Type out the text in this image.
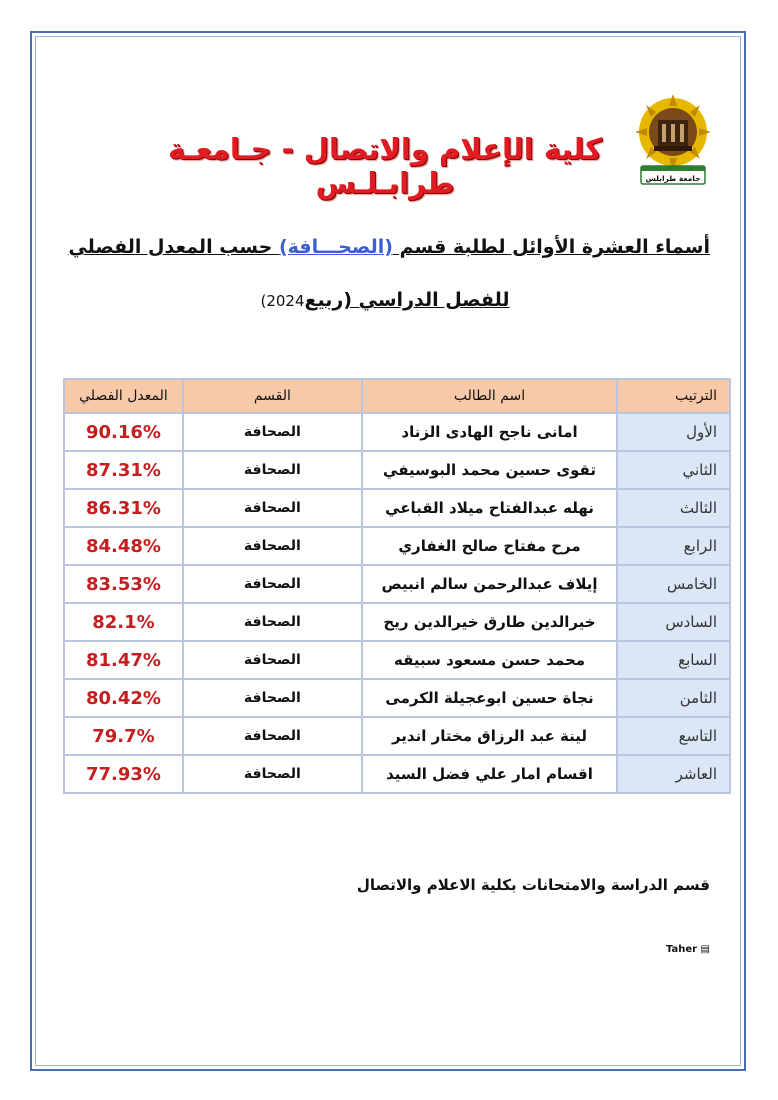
جامعة طرابلس
كلية الإعلام والاتصال - جـامعـة طرابـلـس
أسماء العشرة الأوائل لطلبة قسم (الصحـــافة) حسب المعدل الفصلي
للفصل الدراسي (ربيع2024)
الترتيب	اسم الطالب	القسم	المعدل الفصلي
الأول	امانى ناجح الهادى الزناد	الصحافة	90.16%
الثاني	تقوى حسين محمد البوسيفي	الصحافة	87.31%
الثالث	نهله عبدالفتاح ميلاد القباعي	الصحافة	86.31%
الرابع	مرح مفتاح صالح الغفاري	الصحافة	84.48%
الخامس	إيلاف عبدالرحمن سالم انبيص	الصحافة	83.53%
السادس	خيرالدين طارق خيرالدين ريح	الصحافة	82.1%
السابع	محمد حسن مسعود سبيقه	الصحافة	81.47%
الثامن	نجاة حسين ابوعجيلة الكرمى	الصحافة	80.42%
التاسع	لينة عبد الرزاق مختار اندير	الصحافة	79.7%
العاشر	اقسام امار علي فضل السيد	الصحافة	77.93%
قسم الدراسة والامتحانات بكلية الاعلام والاتصال
Taher ▤
